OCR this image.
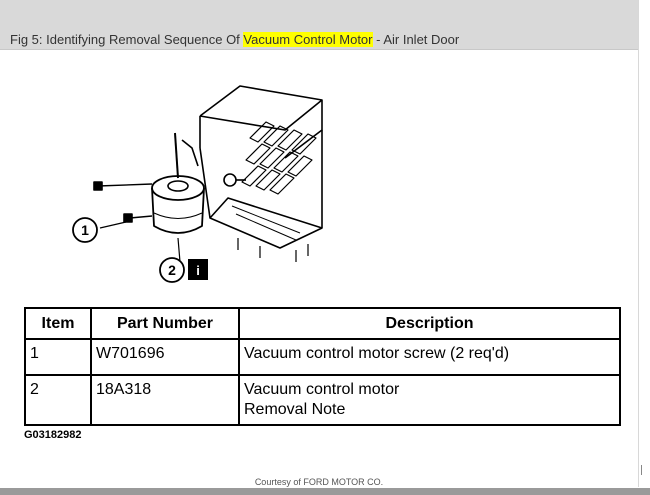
Fig 5: Identifying Removal Sequence Of Vacuum Control Motor - Air Inlet Door
1
2 i
Item	Part Number	Description
1	W701696	Vacuum control motor screw (2 req'd)
2	18A318	Vacuum control motor
Removal Note
G03182982
Courtesy of FORD MOTOR CO.
